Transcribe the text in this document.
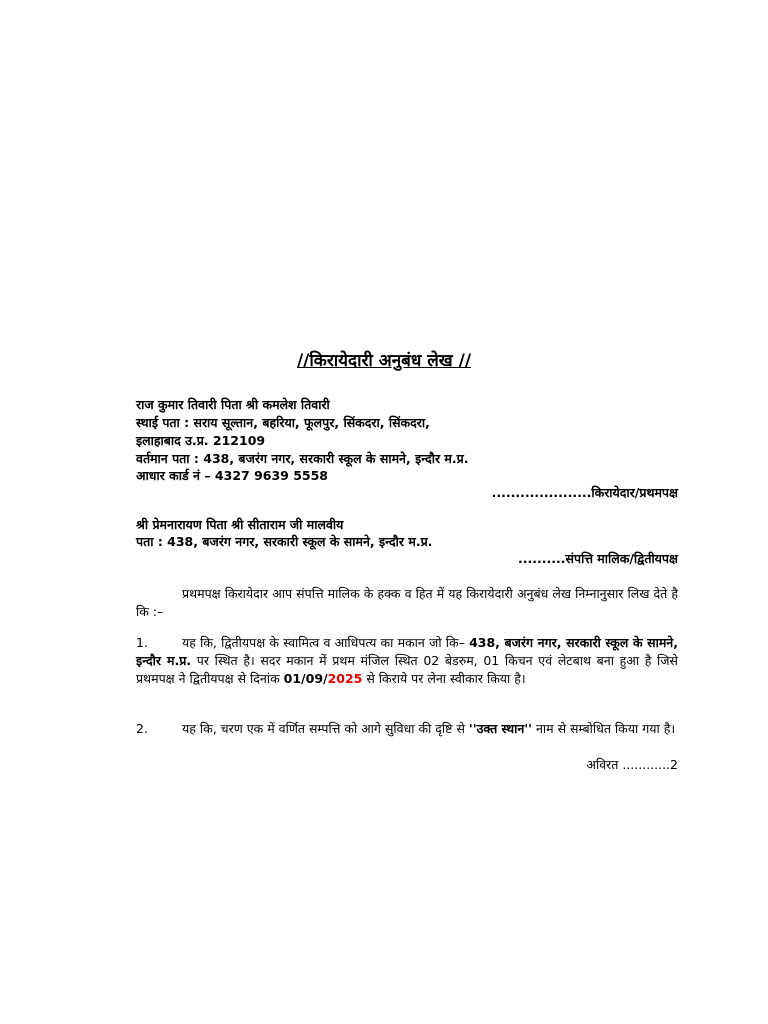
//किरायेदारी अनुबंध लेख //
राज कुमार तिवारी पिता श्री कमलेश तिवारी
स्थाई पता : सराय सूल्तान, बहरिया, फूलपुर, सिंकदरा, सिंकदरा,
इलाहाबाद उ.प्र. 212109
वर्तमान पता : 438, बजरंग नगर, सरकारी स्कूल के सामने, इन्दौर म.प्र.
आधार कार्ड नं – 4327 9639 5558
.....................किरायेदार/प्रथमपक्ष
श्री प्रेमनारायण पिता श्री सीताराम जी मालवीय
पता : 438, बजरंग नगर, सरकारी स्कूल के सामने, इन्दौर म.प्र.
..........संपत्ति मालिक/द्वितीयपक्ष
प्रथमपक्ष किरायेदार आप संपत्ति मालिक के हक्क व हित में यह किरायेदारी अनुबंध लेख निम्नानुसार लिख देते है कि :–
1.	यह कि, द्वितीयपक्ष के स्वामित्व व आधिपत्य का मकान जो कि– 438, बजरंग नगर, सरकारी स्कूल के सामने, इन्दौर म.प्र. पर स्थित है। सदर मकान में प्रथम मंजिल स्थित 02 बेडरुम, 01 किचन एवं लेटबाथ बना हुआ है जिसे प्रथमपक्ष ने द्वितीयपक्ष से दिनांक 01/09/2025 से किराये पर लेना स्वीकार किया है।
2.	यह कि, चरण एक में वर्णित सम्पत्ति को आगे सुविधा की दृष्टि से ''उक्त स्थान'' नाम से सम्बोधित किया गया है।
अविरत ............2
